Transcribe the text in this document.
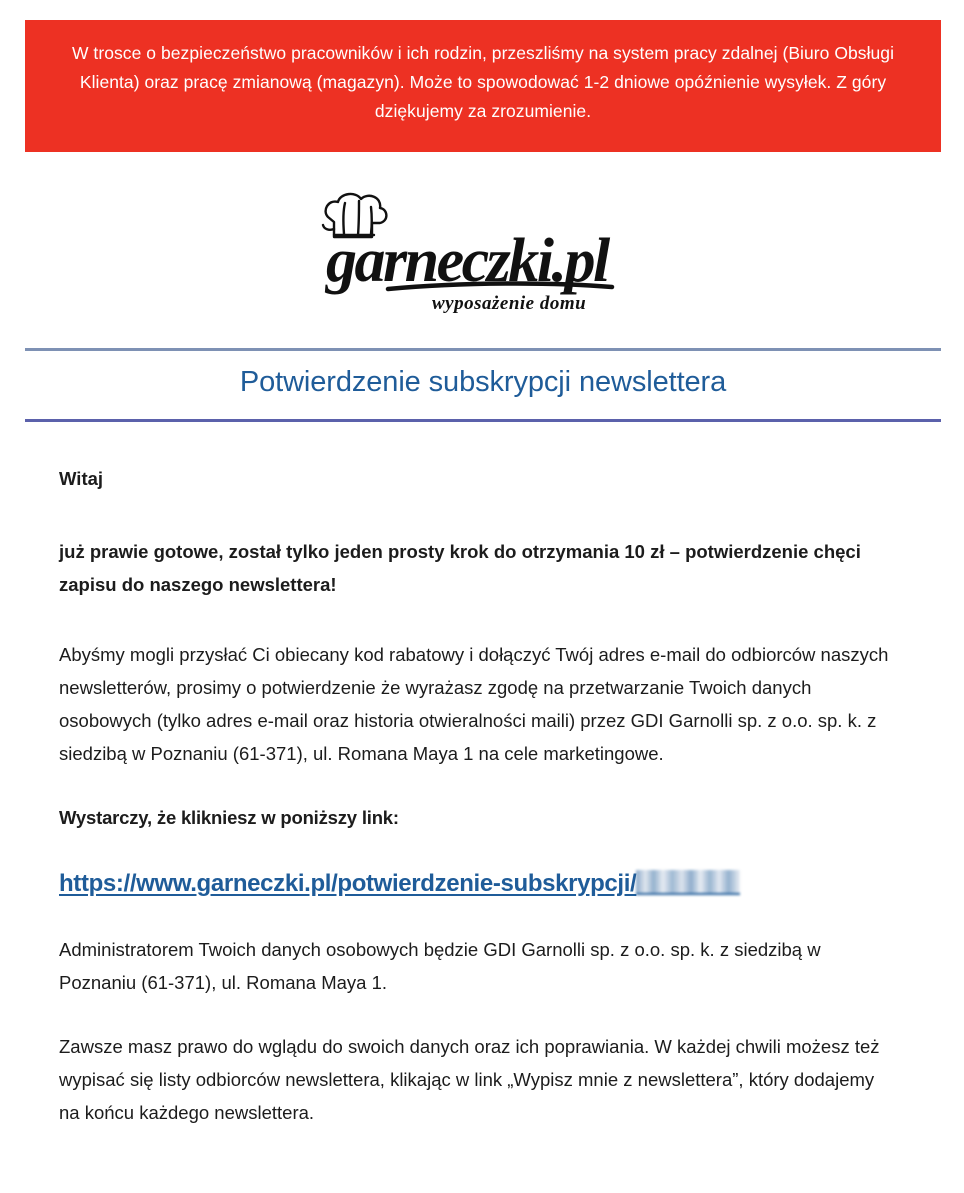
W trosce o bezpieczeństwo pracowników i ich rodzin, przeszliśmy na system pracy zdalnej (Biuro Obsługi Klienta) oraz pracę zmianową (magazyn). Może to spowodować 1-2 dniowe opóźnienie wysyłek. Z góry dziękujemy za zrozumienie.
garneczki.pl
wyposażenie domu
Potwierdzenie subskrypcji newslettera

Witaj

już prawie gotowe, został tylko jeden prosty krok do otrzymania 10 zł – potwierdzenie chęci zapisu do naszego newslettera!

Abyśmy mogli przysłać Ci obiecany kod rabatowy i dołączyć Twój adres e-mail do odbiorców naszych newsletterów, prosimy o potwierdzenie że wyrażasz zgodę na przetwarzanie Twoich danych osobowych (tylko adres e-mail oraz historia otwieralności maili) przez GDI Garnolli sp. z o.o. sp. k. z siedzibą w Poznaniu (61-371), ul. Romana Maya 1 na cele marketingowe.

Wystarczy, że klikniesz w poniższy link:

https://www.garneczki.pl/potwierdzenie-subskrypcji/

Administratorem Twoich danych osobowych będzie GDI Garnolli sp. z o.o. sp. k. z siedzibą w Poznaniu (61-371), ul. Romana Maya 1.

Zawsze masz prawo do wglądu do swoich danych oraz ich poprawiania. W każdej chwili możesz też wypisać się listy odbiorców newslettera, klikając w link „Wypisz mnie z newslettera”, który dodajemy na końcu każdego newslettera.
